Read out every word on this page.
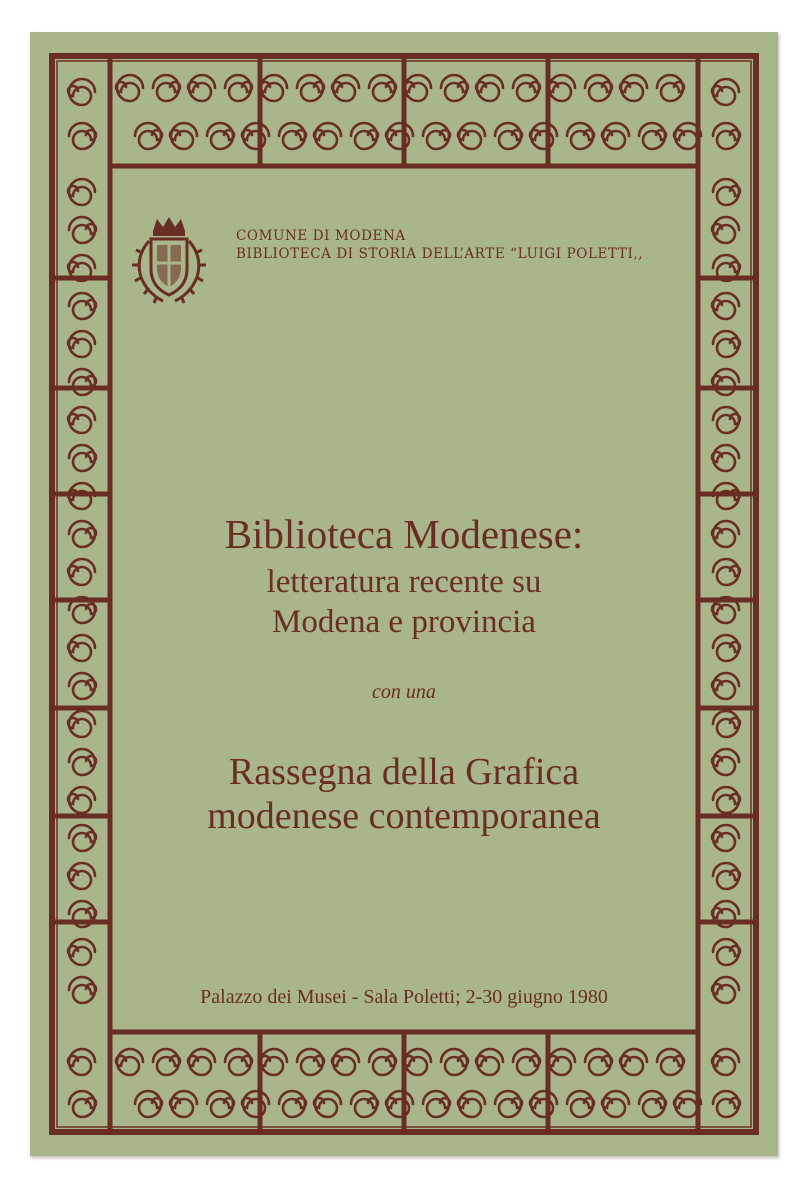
COMUNE DI MODENA
BIBLIOTECA DI STORIA DELL’ARTE “LUIGI POLETTI,,
Biblioteca Modenese:
letteratura recente su
Modena e provincia
con una
Rassegna della Grafica
modenese contemporanea
Palazzo dei Musei - Sala Poletti; 2-30 giugno 1980
